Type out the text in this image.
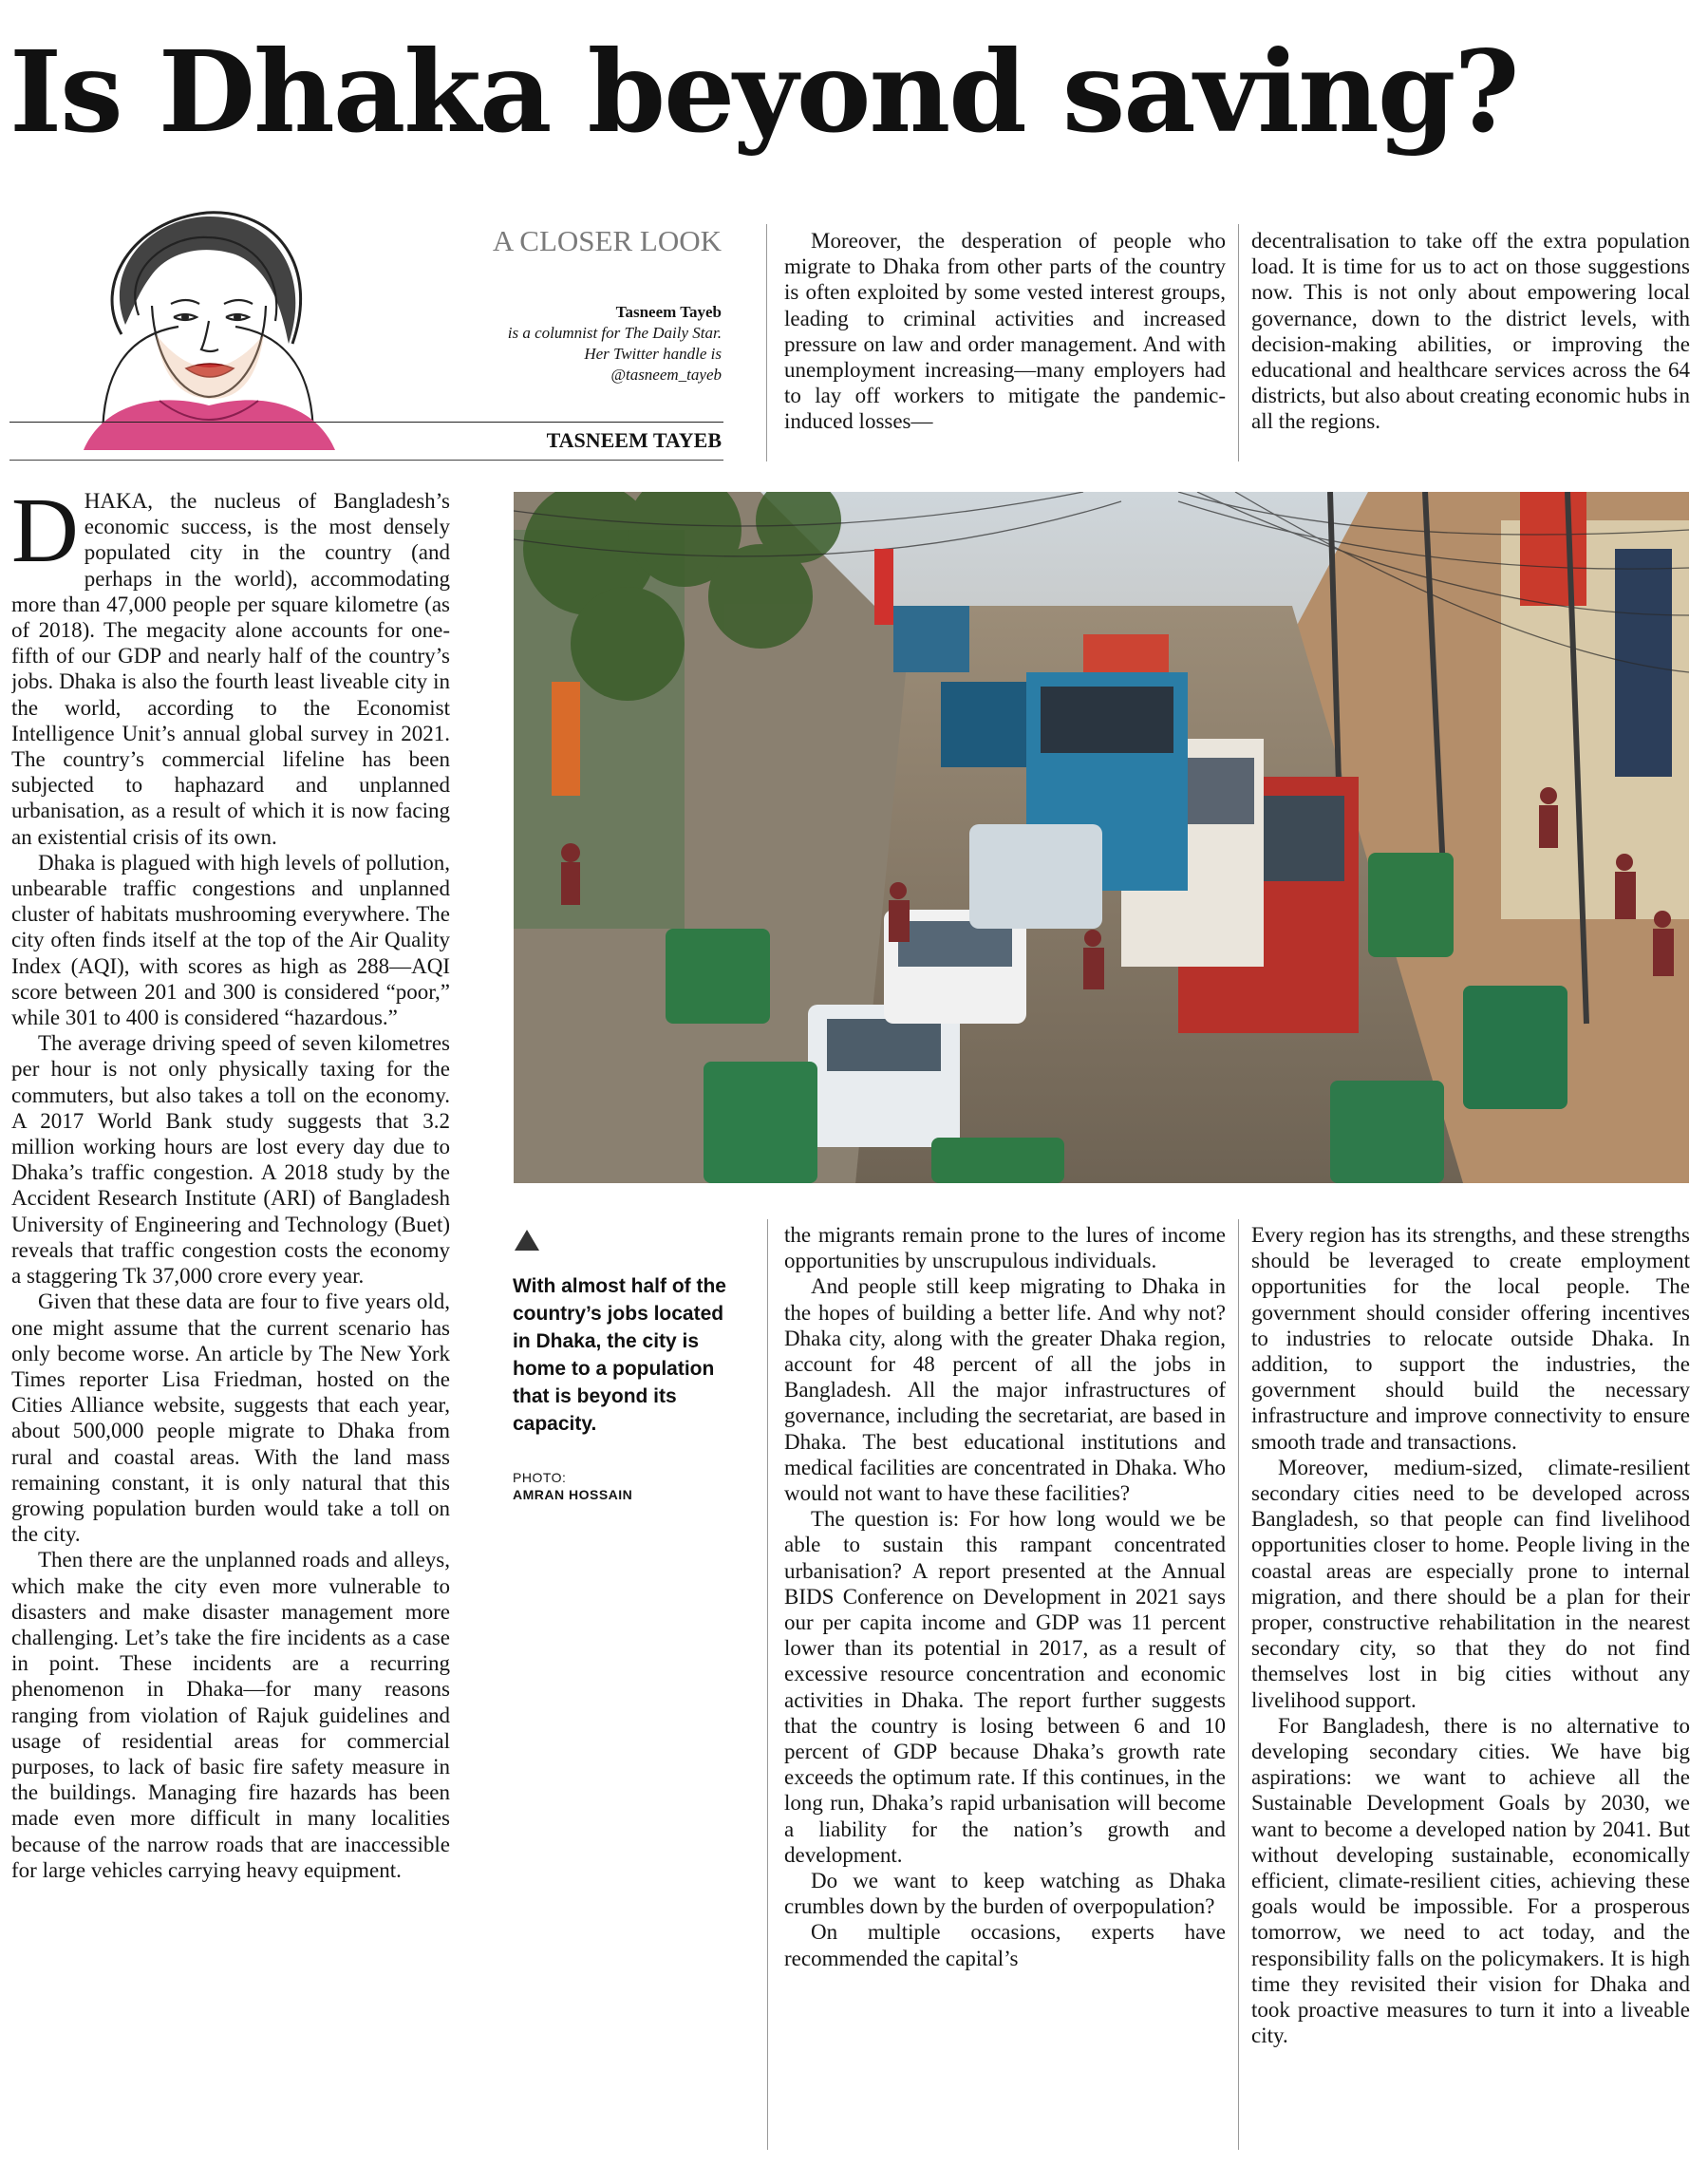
Is Dhaka beyond saving?
A CLOSER LOOK
Tasneem Tayeb
is a columnist for The Daily Star.
Her Twitter handle is
@tasneem_tayeb
TASNEEM TAYEB

DHAKA, the nucleus of Bangladesh’s economic success, is the most densely populated city in the country (and perhaps in the world), accommodating more than 47,000 people per square kilometre (as of 2018). The megacity alone accounts for one-fifth of our GDP and nearly half of the country’s jobs. Dhaka is also the fourth least liveable city in the world, according to the Economist Intelligence Unit’s annual global survey in 2021. The country’s commercial lifeline has been subjected to haphazard and unplanned urbanisation, as a result of which it is now facing an existential crisis of its own.

Dhaka is plagued with high levels of pollution, unbearable traffic congestions and unplanned cluster of habitats mushrooming everywhere. The city often finds itself at the top of the Air Quality Index (AQI), with scores as high as 288—AQI score between 201 and 300 is considered “poor,” while 301 to 400 is considered “hazardous.”

The average driving speed of seven kilometres per hour is not only physically taxing for the commuters, but also takes a toll on the economy. A 2017 World Bank study suggests that 3.2 million working hours are lost every day due to Dhaka’s traffic congestion. A 2018 study by the Accident Research Institute (ARI) of Bangladesh University of Engineering and Technology (Buet) reveals that traffic congestion costs the economy a staggering Tk 37,000 crore every year.

Given that these data are four to five years old, one might assume that the current scenario has only become worse. An article by The New York Times reporter Lisa Friedman, hosted on the Cities Alliance website, suggests that each year, about 500,000 people migrate to Dhaka from rural and coastal areas. With the land mass remaining constant, it is only natural that this growing population burden would take a toll on the city.

Then there are the unplanned roads and alleys, which make the city even more vulnerable to disasters and make disaster management more challenging. Let’s take the fire incidents as a case in point. These incidents are a recurring phenomenon in Dhaka—for many reasons ranging from violation of Rajuk guidelines and usage of residential areas for commercial purposes, to lack of basic fire safety measure in the buildings. Managing fire hazards has been made even more difficult in many localities because of the narrow roads that are inaccessible for large vehicles carrying heavy equipment.

Moreover, the desperation of people who migrate to Dhaka from other parts of the country is often exploited by some vested interest groups, leading to criminal activities and increased pressure on law and order management. And with unemployment increasing—many employers had to lay off workers to mitigate the pandemic-induced losses—

decentralisation to take off the extra population load. It is time for us to act on those suggestions now. This is not only about empowering local governance, down to the district levels, with decision-making abilities, or improving the educational and healthcare services across the 64 districts, but also about creating economic hubs in all the regions.

With almost half of the country’s jobs located in Dhaka, the city is home to a population that is beyond its capacity.
PHOTO:
AMRAN HOSSAIN

the migrants remain prone to the lures of income opportunities by unscrupulous individuals.

And people still keep migrating to Dhaka in the hopes of building a better life. And why not? Dhaka city, along with the greater Dhaka region, account for 48 percent of all the jobs in Bangladesh. All the major infrastructures of governance, including the secretariat, are based in Dhaka. The best educational institutions and medical facilities are concentrated in Dhaka. Who would not want to have these facilities?

The question is: For how long would we be able to sustain this rampant concentrated urbanisation? A report presented at the Annual BIDS Conference on Development in 2021 says our per capita income and GDP was 11 percent lower than its potential in 2017, as a result of excessive resource concentration and economic activities in Dhaka. The report further suggests that the country is losing between 6 and 10 percent of GDP because Dhaka’s growth rate exceeds the optimum rate. If this continues, in the long run, Dhaka’s rapid urbanisation will become a liability for the nation’s growth and development.

Do we want to keep watching as Dhaka crumbles down by the burden of overpopulation?

On multiple occasions, experts have recommended the capital’s

Every region has its strengths, and these strengths should be leveraged to create employment opportunities for the local people. The government should consider offering incentives to industries to relocate outside Dhaka. In addition, to support the industries, the government should build the necessary infrastructure and improve connectivity to ensure smooth trade and transactions.

Moreover, medium-sized, climate-resilient secondary cities need to be developed across Bangladesh, so that people can find livelihood opportunities closer to home. People living in the coastal areas are especially prone to internal migration, and there should be a plan for their proper, constructive rehabilitation in the nearest secondary city, so that they do not find themselves lost in big cities without any livelihood support.

For Bangladesh, there is no alternative to developing secondary cities. We have big aspirations: we want to achieve all the Sustainable Development Goals by 2030, we want to become a developed nation by 2041. But without developing sustainable, economically efficient, climate-resilient cities, achieving these goals would be impossible. For a prosperous tomorrow, we need to act today, and the responsibility falls on the policymakers. It is high time they revisited their vision for Dhaka and took proactive measures to turn it into a liveable city.
